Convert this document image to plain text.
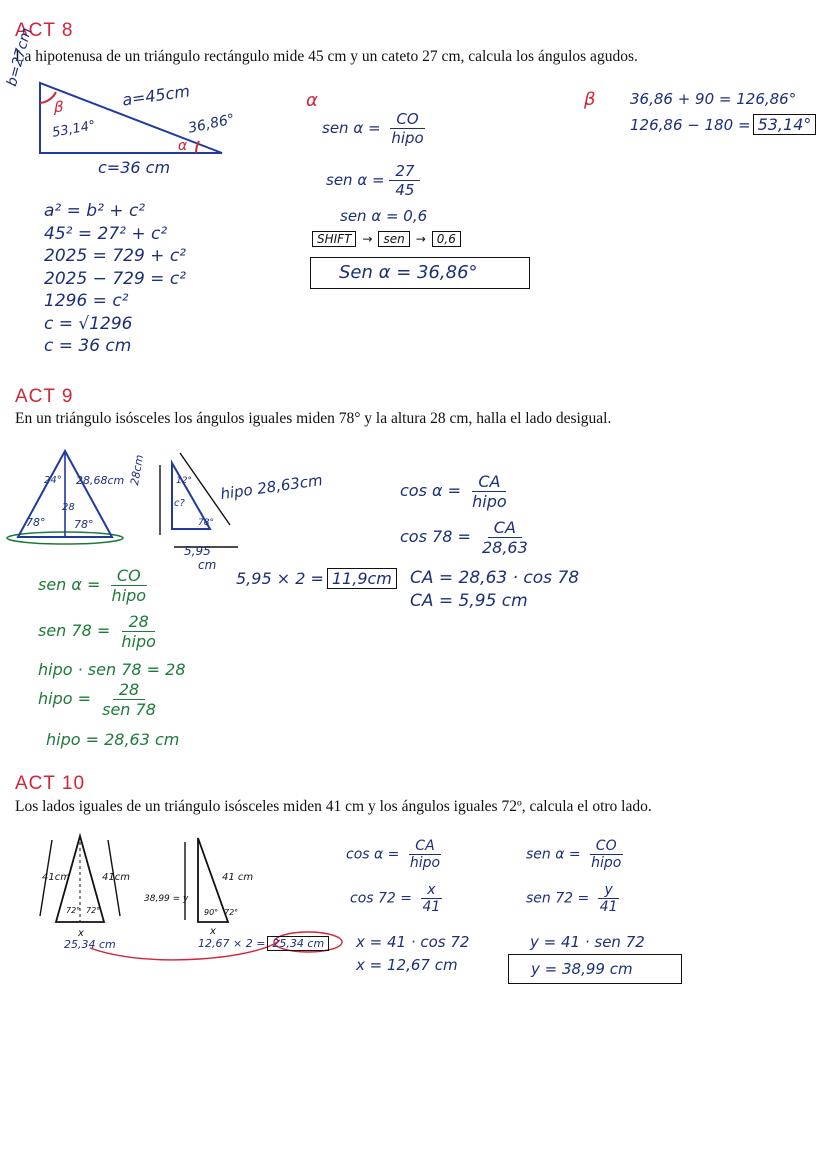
ACT 8
La hipotenusa de un triángulo rectángulo mide 45 cm y un cateto 27 cm, calcula los ángulos agudos.
b=27cm
a=45cm
c=36 cm
β
53,14°
α
36,86°
a² = b² + c²
45² = 27² + c²
2025 = 729 + c²
2025 − 729 = c²
1296 = c²
c = √1296
c = 36 cm
α
sen $\alpha = \frac{CO}{\text{hipo}}$
sen $\alpha = \frac{27}{45}$
sen α = 0,6
SHIFT → sen → 0,6
Sen α = 36,86°
β 36,86 + 90 = 126,86°
126,86 − 180 = 53,14°
ACT 9
En un triángulo isósceles los ángulos iguales miden 78° y la altura 28 cm, halla el lado desigual.
24° 28,68cm
28
78°	78°
28cm	12°
c?
78°
hipo 28,63cm
5,95
cm
5,95 × 2 = 11,9cm
sen $\alpha = \frac{CO}{\text{hipo}}$
sen $78 = \frac{28}{\text{hipo}}$
hipo · sen 78 = 28
hipo = $\frac{28}{\text{sen 78}}$
hipo = 28,63 cm
$\cos \alpha = \frac{CA}{\text{hipo}}$
$\cos 78 = \frac{CA}{28,63}$
CA = 28,63 · cos 78
CA = 5,95 cm
ACT 10
Los lados iguales de un triángulo isósceles miden 41 cm y los ángulos iguales 72º, calcula el otro lado.
41cm	41cm
72° 72°
x
25,34 cm
38,99 = y
41 cm
90° 72°
x
12,67 × 2 = 25,34 cm
$\cos \alpha = \frac{CA}{\text{hipo}}$
$\cos 72 = \frac{x}{41}$
x = 41 · cos 72
x = 12,67 cm
sen $\alpha = \frac{CO}{\text{hipo}}$
sen $72 = \frac{y}{41}$
y = 41 · sen 72
y = 38,99 cm
